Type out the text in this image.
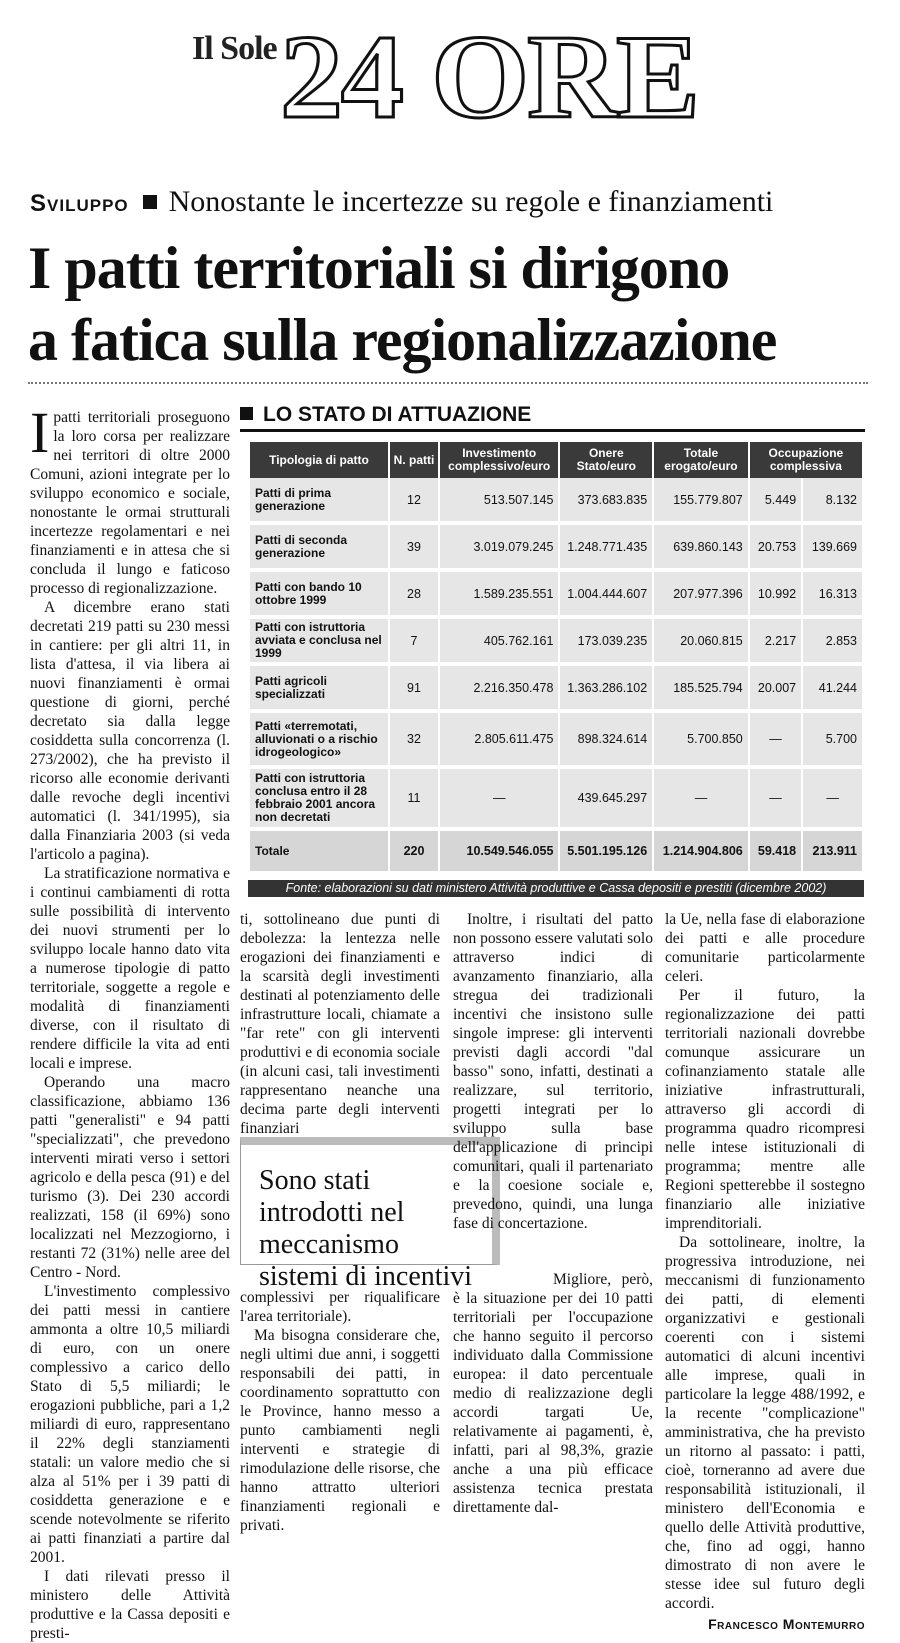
Il Sole 24 ORE
Sviluppo Nonostante le incertezze su regole e finanziamenti
I patti territoriali si dirigono
a fatica sulla regionalizzazione

Ipatti territoriali proseguono la loro corsa per realizzare nei territori di oltre 2000 Comuni, azioni integrate per lo sviluppo economico e sociale, nonostante le ormai strutturali incertezze regolamentari e nei finanziamenti e in attesa che si concluda il lungo e faticoso processo di regionalizzazione.

A dicembre erano stati decretati 219 patti su 230 messi in cantiere: per gli altri 11, in lista d'attesa, il via libera ai nuovi finanziamenti è ormai questione di giorni, perché decretato sia dalla legge cosiddetta sulla concorrenza (l. 273/2002), che ha previsto il ricorso alle economie derivanti dalle revoche degli incentivi automatici (l. 341/1995), sia dalla Finanziaria 2003 (si veda l'articolo a pagina).

La stratificazione normativa e i continui cambiamenti di rotta sulle possibilità di intervento dei nuovi strumenti per lo sviluppo locale hanno dato vita a numerose tipologie di patto territoriale, soggette a regole e modalità di finanziamenti diverse, con il risultato di rendere difficile la vita ad enti locali e imprese.

Operando una macro classificazione, abbiamo 136 patti "generalisti" e 94 patti "specializzati", che prevedono interventi mirati verso i settori agricolo e della pesca (91) e del turismo (3). Dei 230 accordi realizzati, 158 (il 69%) sono localizzati nel Mezzogiorno, i restanti 72 (31%) nelle aree del Centro - Nord.

L'investimento complessivo dei patti messi in cantiere ammonta a oltre 10,5 miliardi di euro, con un onere complessivo a carico dello Stato di 5,5 miliardi; le erogazioni pubbliche, pari a 1,2 miliardi di euro, rappresentano il 22% degli stanziamenti statali: un valore medio che si alza al 51% per i 39 patti di cosiddetta generazione e e scende notevolmente se riferito ai patti finanziati a partire dal 2001.

I dati rilevati presso il ministero delle Attività produttive e la Cassa depositi e presti-

LO STATO DI ATTUAZIONE
Tipologia di patto	N. patti	Investimento complessivo/euro	Onere Stato/euro	Totale erogato/euro	Occupazione complessiva	
Patti di prima generazione	12	513.507.145	373.683.835	155.779.807	5.449	8.132
Patti di seconda generazione	39	3.019.079.245	1.248.771.435	639.860.143	20.753	139.669
Patti con bando 10 ottobre 1999	28	1.589.235.551	1.004.444.607	207.977.396	10.992	16.313
Patti con istruttoria avviata e conclusa nel 1999	7	405.762.161	173.039.235	20.060.815	2.217	2.853
Patti agricoli specializzati	91	2.216.350.478	1.363.286.102	185.525.794	20.007	41.244
Patti «terremotati, alluvionati o a rischio idrogeologico»	32	2.805.611.475	898.324.614	5.700.850	—	5.700
Patti con istruttoria conclusa entro il 28 febbraio 2001 ancora non decretati	11	—	439.645.297	—	—	—
Totale	220	10.549.546.055	5.501.195.126	1.214.904.806	59.418	213.911
Fonte: elaborazioni su dati ministero Attività produttive e Cassa depositi e prestiti (dicembre 2002)

ti, sottolineano due punti di debolezza: la lentezza nelle erogazioni dei finanziamenti e la scarsità degli investimenti destinati al potenziamento delle infrastrutture locali, chiamate a "far rete" con gli interventi produttivi e di economia sociale (in alcuni casi, tali investimenti rappresentano neanche una decima parte degli interventi finanziari

Sono stati introdotti nel meccanismo sistemi di incentivi

complessivi per riqualificare l'area territoriale).

Ma bisogna considerare che, negli ultimi due anni, i soggetti responsabili dei patti, in coordinamento soprattutto con le Province, hanno messo a punto cambiamenti negli interventi e strategie di rimodulazione delle risorse, che hanno attratto ulteriori finanziamenti regionali e privati.

Inoltre, i risultati del patto non possono essere valutati solo attraverso indici di avanzamento finanziario, alla stregua dei tradizionali incentivi che insistono sulle singole imprese: gli interventi previsti dagli accordi "dal basso" sono, infatti, destinati a realizzare, sul territorio, progetti integrati per lo sviluppo sulla base dell'applicazione di principi comunitari, quali il partenariato e la coesione sociale e, prevedono, quindi, una lunga fase di concertazione.

Migliore, però, è la situazione per dei 10 patti territoriali per l'occupazione che hanno seguito il percorso individuato dalla Commissione europea: il dato percentuale medio di realizzazione degli accordi targati Ue, relativamente ai pagamenti, è, infatti, pari al 98,3%, grazie anche a una più efficace assistenza tecnica prestata direttamente dal-

la Ue, nella fase di elaborazione dei patti e alle procedure comunitarie particolarmente celeri.

Per il futuro, la regionalizzazione dei patti territoriali nazionali dovrebbe comunque assicurare un cofinanziamento statale alle iniziative infrastrutturali, attraverso gli accordi di programma quadro ricompresi nelle intese istituzionali di programma; mentre alle Regioni spetterebbe il sostegno finanziario alle iniziative imprenditoriali.

Da sottolineare, inoltre, la progressiva introduzione, nei meccanismi di funzionamento dei patti, di elementi organizzativi e gestionali coerenti con i sistemi automatici di alcuni incentivi alle imprese, quali in particolare la legge 488/1992, e la recente "complicazione" amministrativa, che ha previsto un ritorno al passato: i patti, cioè, torneranno ad avere due responsabilità istituzionali, il ministero dell'Economia e quello delle Attività produttive, che, fino ad oggi, hanno dimostrato di non avere le stesse idee sul futuro degli accordi.

Francesco Montemurro
